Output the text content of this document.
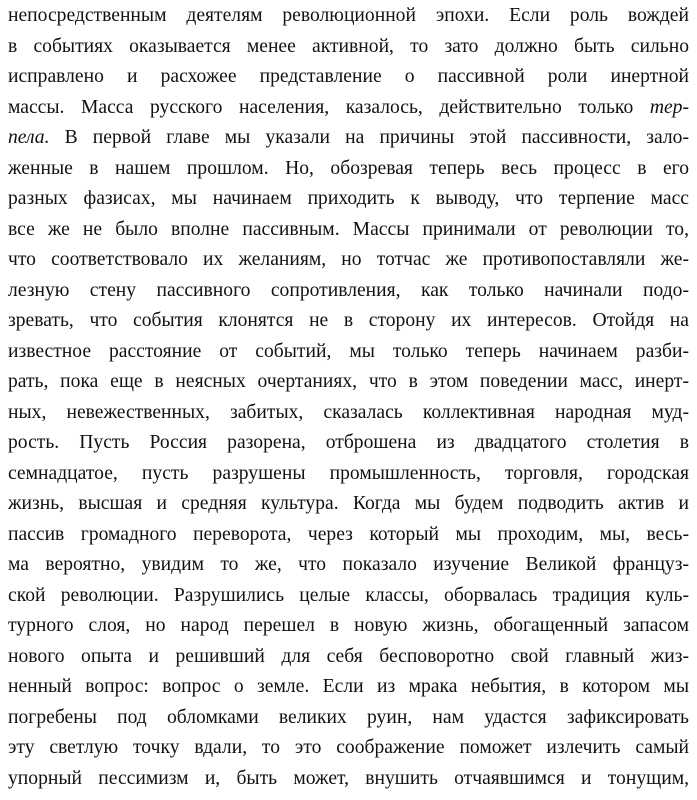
непосредственным деятелям революционной эпохи. Если роль вождей
в событиях оказывается менее активной, то зато должно быть сильно
исправлено и расхожее представление о пассивной роли инертной
массы. Масса русского населения, казалось, действительно только тер-
пела. В первой главе мы указали на причины этой пассивности, зало-
женные в нашем прошлом. Но, обозревая теперь весь процесс в его
разных фазисах, мы начинаем приходить к выводу, что терпение масс
все же не было вполне пассивным. Массы принимали от революции то,
что соответствовало их желаниям, но тотчас же противопоставляли же-
лезную стену пассивного сопротивления, как только начинали подо-
зревать, что события клонятся не в сторону их интересов. Отойдя на
известное расстояние от событий, мы только теперь начинаем разби-
рать, пока еще в неясных очертаниях, что в этом поведении масс, инерт-
ных, невежественных, забитых, сказалась коллективная народная муд-
рость. Пусть Россия разорена, отброшена из двадцатого столетия в
семнадцатое, пусть разрушены промышленность, торговля, городская
жизнь, высшая и средняя культура. Когда мы будем подводить актив и
пассив громадного переворота, через который мы проходим, мы, весь-
ма вероятно, увидим то же, что показало изучение Великой француз-
ской революции. Разрушились целые классы, оборвалась традиция куль-
турного слоя, но народ перешел в новую жизнь, обогащенный запасом
нового опыта и решивший для себя бесповоротно свой главный жиз-
ненный вопрос: вопрос о земле. Если из мрака небытия, в котором мы
погребены под обломками великих руин, нам удастся зафиксировать
эту светлую точку вдали, то это соображение поможет излечить самый
упорный пессимизм и, быть может, внушить отчаявшимся и тонущим,
